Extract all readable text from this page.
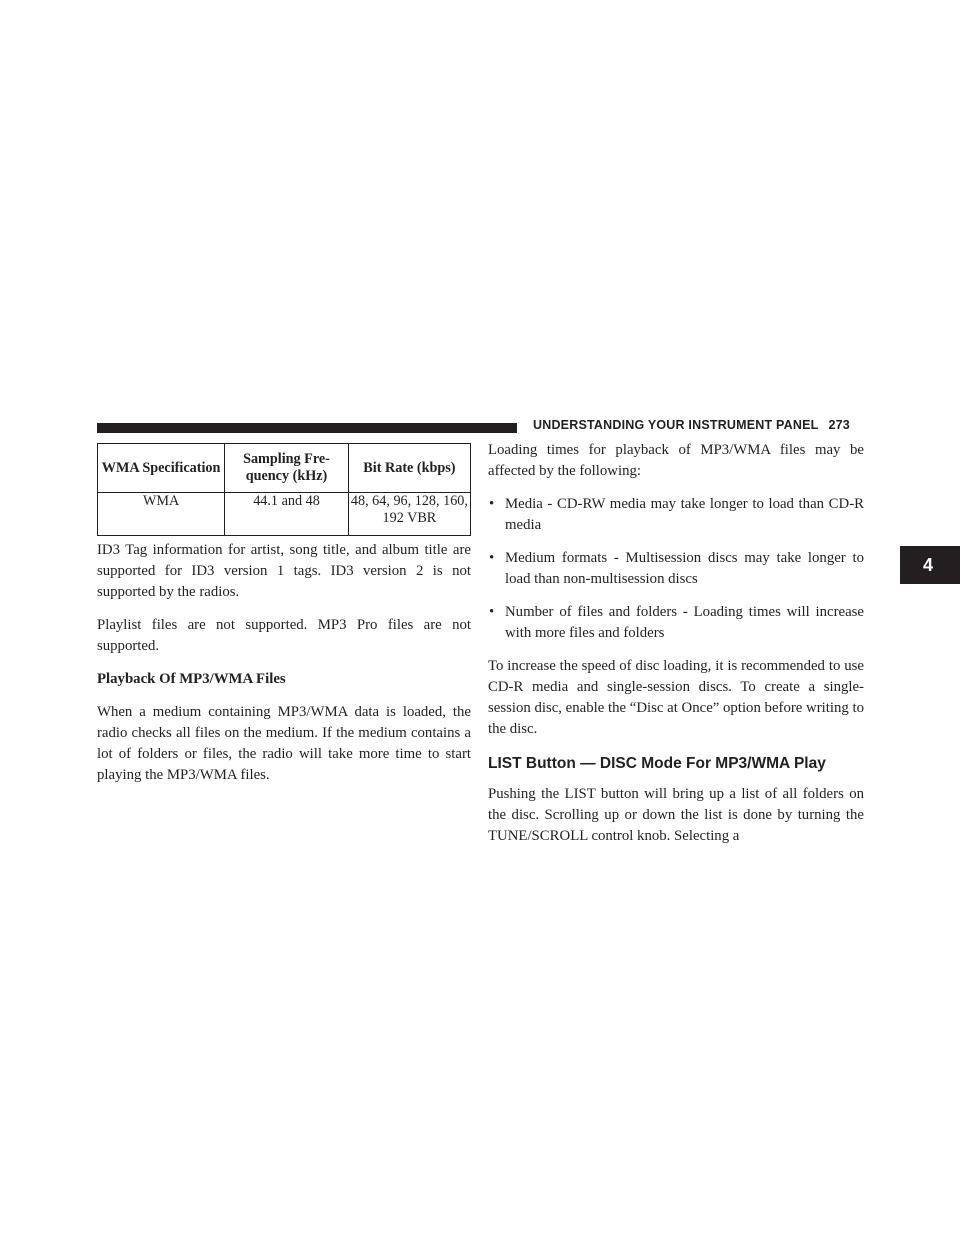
UNDERSTANDING YOUR INSTRUMENT PANEL 273
4
WMA Specification	Sampling Fre- quency (kHz)	Bit Rate (kbps)
WMA	44.1 and 48	48, 64, 96, 128, 160, 192 VBR

ID3 Tag information for artist, song title, and album title are supported for ID3 version 1 tags. ID3 version 2 is not supported by the radios.

Playlist files are not supported. MP3 Pro files are not supported.

Playback Of MP3/WMA Files

When a medium containing MP3/WMA data is loaded, the radio checks all files on the medium. If the medium contains a lot of folders or files, the radio will take more time to start playing the MP3/WMA files.

Loading times for playback of MP3/WMA files may be affected by the following:

• Media - CD-RW media may take longer to load than CD-R media
• Medium formats - Multisession discs may take longer to load than non-multisession discs
• Number of files and folders - Loading times will increase with more files and folders

To increase the speed of disc loading, it is recommended to use CD-R media and single-session discs. To create a single-session disc, enable the “Disc at Once” option before writing to the disc.

LIST Button — DISC Mode For MP3/WMA Play

Pushing the LIST button will bring up a list of all folders on the disc. Scrolling up or down the list is done by turning the TUNE/SCROLL control knob. Selecting a
